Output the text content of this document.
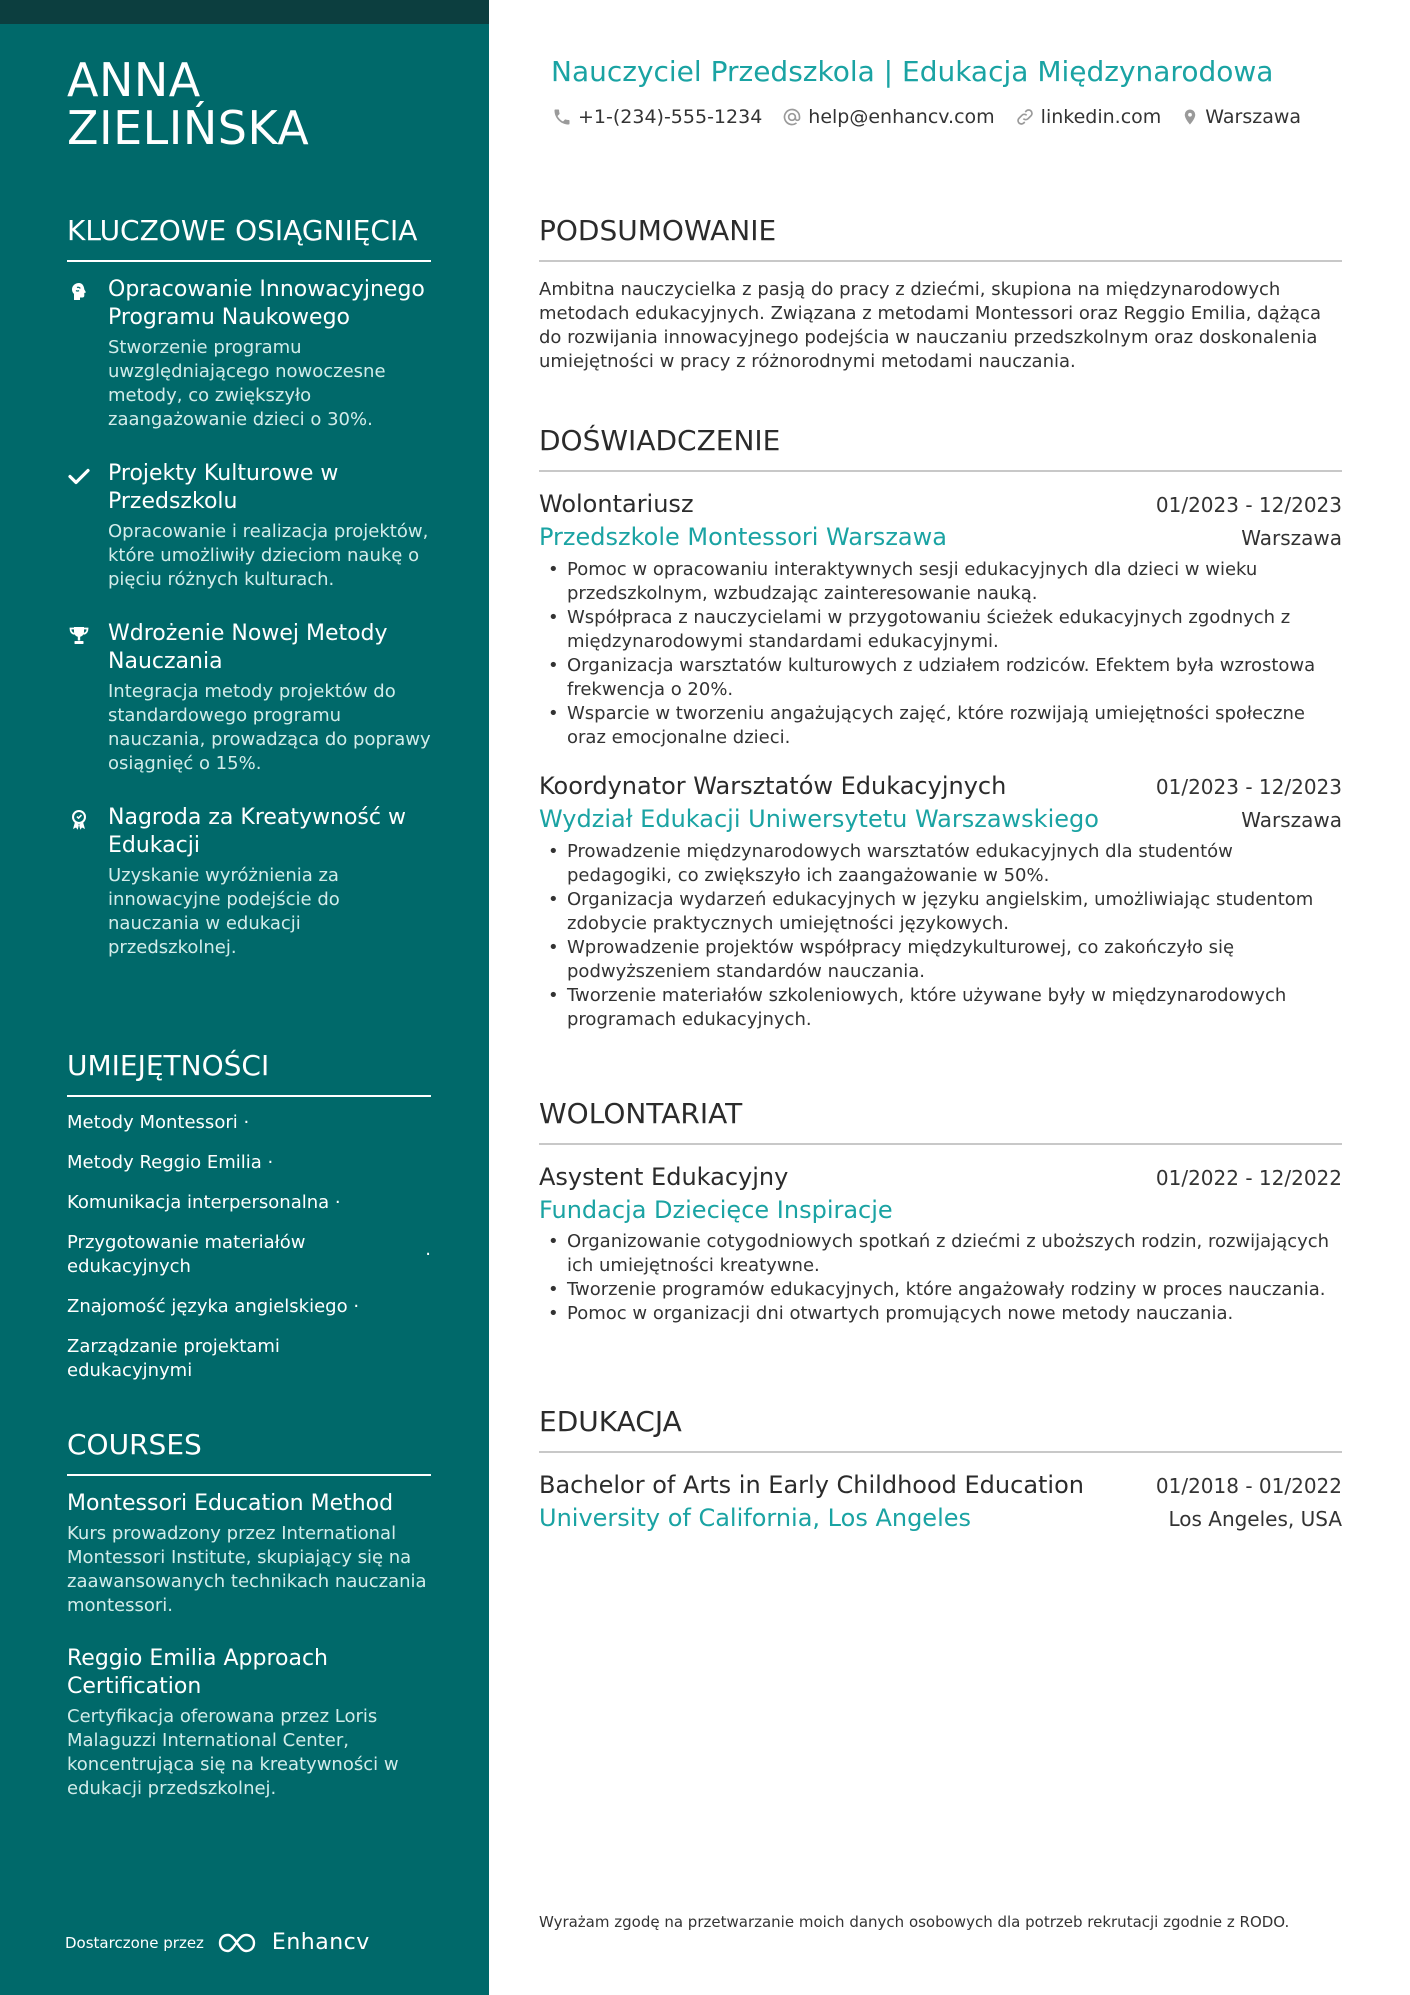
ANNA
ZIELIŃSKA
KLUCZOWE OSIĄGNIĘCIA
Opracowanie Innowacyjnego Programu Naukowego
Stworzenie programu uwzględniającego nowoczesne metody, co zwiększyło zaangażowanie dzieci o 30%.
Projekty Kulturowe w Przedszkolu
Opracowanie i realizacja projektów, które umożliwiły dzieciom naukę o pięciu różnych kulturach.
Wdrożenie Nowej Metody Nauczania
Integracja metody projektów do standardowego programu nauczania, prowadząca do poprawy osiągnięć o 15%.
Nagroda za Kreatywność w Edukacji
Uzyskanie wyróżnienia za innowacyjne podejście do nauczania w edukacji przedszkolnej.
UMIEJĘTNOŚCI
Metody Montessori ·
Metody Reggio Emilia ·
Komunikacja interpersonalna ·
Przygotowanie materiałów edukacyjnych
·
Znajomość języka angielskiego ·
Zarządzanie projektami edukacyjnymi
COURSES
Montessori Education Method
Kurs prowadzony przez International Montessori Institute, skupiający się na zaawansowanych technikach nauczania montessori.
Reggio Emilia Approach Certification
Certyfikacja oferowana przez Loris Malaguzzi International Center, koncentrująca się na kreatywności w edukacji przedszkolnej.
Dostarczone przez	Enhancv
Nauczyciel Przedszkola | Edukacja Międzynarodowa
+1-(234)-555-1234 help@enhancv.com linkedin.com Warszawa
PODSUMOWANIE

Ambitna nauczycielka z pasją do pracy z dziećmi, skupiona na międzynarodowych metodach edukacyjnych. Związana z metodami Montessori oraz Reggio Emilia, dążąca do rozwijania innowacyjnego podejścia w nauczaniu przedszkolnym oraz doskonalenia umiejętności w pracy z różnorodnymi metodami nauczania.

DOŚWIADCZENIE
Wolontariusz	01/2023 - 12/2023
Przedszkole Montessori Warszawa	Warszawa
• Pomoc w opracowaniu interaktywnych sesji edukacyjnych dla dzieci w wieku przedszkolnym, wzbudzając zainteresowanie nauką.
• Współpraca z nauczycielami w przygotowaniu ścieżek edukacyjnych zgodnych z międzynarodowymi standardami edukacyjnymi.
• Organizacja warsztatów kulturowych z udziałem rodziców. Efektem była wzrostowa frekwencja o 20%.
• Wsparcie w tworzeniu angażujących zajęć, które rozwijają umiejętności społeczne oraz emocjonalne dzieci.
Koordynator Warsztatów Edukacyjnych	01/2023 - 12/2023
Wydział Edukacji Uniwersytetu Warszawskiego	Warszawa
• Prowadzenie międzynarodowych warsztatów edukacyjnych dla studentów pedagogiki, co zwiększyło ich zaangażowanie w 50%.
• Organizacja wydarzeń edukacyjnych w języku angielskim, umożliwiając studentom zdobycie praktycznych umiejętności językowych.
• Wprowadzenie projektów współpracy międzykulturowej, co zakończyło się podwyższeniem standardów nauczania.
• Tworzenie materiałów szkoleniowych, które używane były w międzynarodowych programach edukacyjnych.
WOLONTARIAT
Asystent Edukacyjny	01/2022 - 12/2022
Fundacja Dziecięce Inspiracje
• Organizowanie cotygodniowych spotkań z dziećmi z uboższych rodzin, rozwijających ich umiejętności kreatywne.
• Tworzenie programów edukacyjnych, które angażowały rodziny w proces nauczania.
• Pomoc w organizacji dni otwartych promujących nowe metody nauczania.
EDUKACJA
Bachelor of Arts in Early Childhood Education	01/2018 - 01/2022
University of California, Los Angeles	Los Angeles, USA

Wyrażam zgodę na przetwarzanie moich danych osobowych dla potrzeb rekrutacji zgodnie z RODO.
